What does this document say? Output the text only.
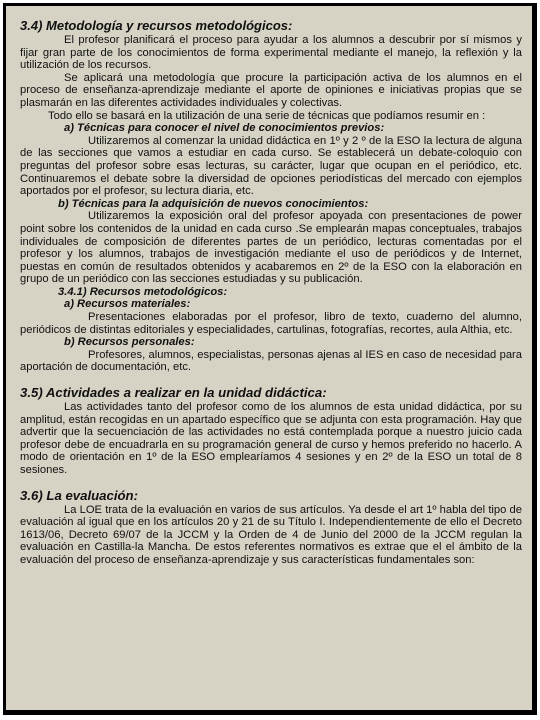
3.4) Metodología y recursos metodológicos:

El profesor planificará el proceso para ayudar a los alumnos a descubrir por sí mismos y fijar gran parte de los conocimientos de forma experimental mediante el manejo, la reflexión y la utilización de los recursos.

Se aplicará una metodología que procure la participación activa de los alumnos en el proceso de enseñanza-aprendizaje mediante el aporte de opiniones e iniciativas propias que se plasmarán en las diferentes actividades individuales y colectivas.

Todo ello se basará en la utilización de una serie de técnicas que podíamos resumir en :

a) Técnicas para conocer el nivel de conocimientos previos:

Utilizaremos al comenzar la unidad didáctica en 1º y 2 º de la ESO la lectura de alguna de las secciones que vamos a estudiar en cada curso. Se establecerá un debate-coloquio con preguntas del profesor sobre esas lecturas, su carácter, lugar que ocupan en el periódico, etc. Continuaremos el debate sobre la diversidad de opciones periodísticas del mercado con ejemplos aportados por el profesor, su lectura diaria, etc.

b) Técnicas para la adquisición de nuevos conocimientos:

Utilizaremos la exposición oral del profesor apoyada con presentaciones de power point sobre los contenidos de la unidad en cada curso .Se emplearán mapas conceptuales, trabajos individuales de composición de diferentes partes de un periódico, lecturas comentadas por el profesor y los alumnos, trabajos de investigación mediante el uso de periódicos y de Internet, puestas en común de resultados obtenidos y acabaremos en 2º de la ESO con la elaboración en grupo de un periódico con las secciones estudiadas y su publicación.

3.4.1) Recursos metodológicos:
a) Recursos materiales:

Presentaciones elaboradas por el profesor, libro de texto, cuaderno del alumno, periódicos de distintas editoriales y especialidades, cartulinas, fotografías, recortes, aula Althia, etc.

b) Recursos personales:

Profesores, alumnos, especialistas, personas ajenas al IES en caso de necesidad para aportación de documentación, etc.

3.5) Actividades a realizar en la unidad didáctica:

Las actividades tanto del profesor como de los alumnos de esta unidad didáctica, por su amplitud, están recogidas en un apartado específico que se adjunta con esta programación. Hay que advertir que la secuenciación de las actividades no está contemplada porque a nuestro juicio cada profesor debe de encuadrarla en su programación general de curso y hemos preferido no hacerlo. A modo de orientación en 1º de la ESO emplearíamos 4 sesiones y en 2º de la ESO un total de 8 sesiones.

3.6) La evaluación:

La LOE trata de la evaluación en varios de sus artículos. Ya desde el art 1º habla del tipo de evaluación al igual que en los artículos 20 y 21 de su Título I. Independientemente de ello el Decreto 1613/06, Decreto 69/07 de la JCCM y la Orden de 4 de Junio del 2000 de la JCCM regulan la evaluación en Castilla-la Mancha. De estos referentes normativos es extrae que el el ámbito de la evaluación del proceso de enseñanza-aprendizaje y sus características fundamentales son:
